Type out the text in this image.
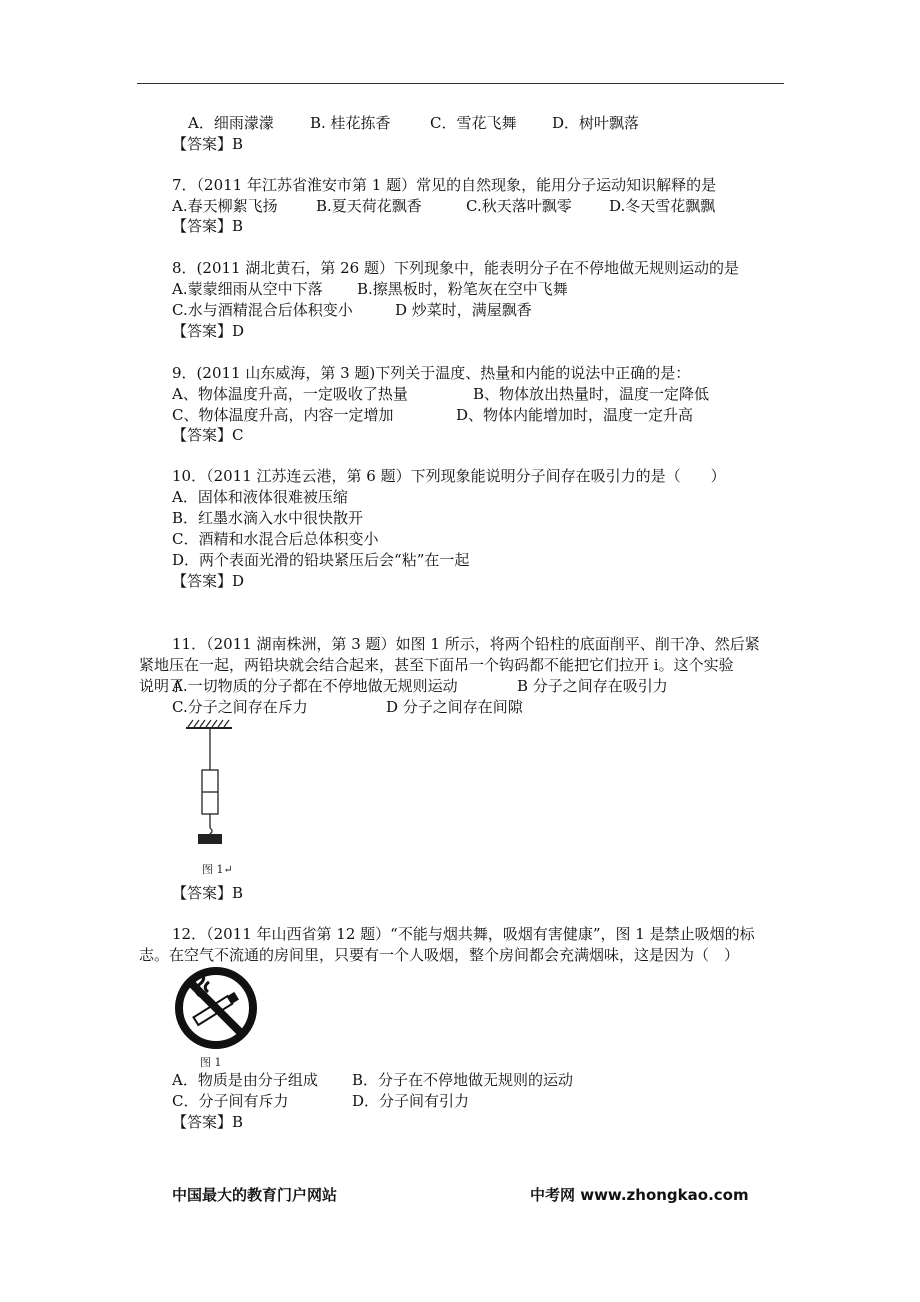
A．细雨濛濛 B. 桂花拣香	C．雪花飞舞 D．树叶飘落
【答案】B
7．（2011 年江苏省淮安市第 1 题）常见的自然现象，能用分子运动知识解释的是
A.春天柳絮飞扬	B.夏天荷花飘香	C.秋天落叶飘零 D.冬天雪花飘飘
【答案】B
8．(2011 湖北黄石，第 26 题）下列现象中，能表明分子在不停地做无规则运动的是
A.蒙蒙细雨从空中下落 B.擦黑板时，粉笔灰在空中飞舞
C.水与酒精混合后体积变小	D 炒菜时，满屋飘香
【答案】D
9．(2011 山东威海，第 3 题)下列关于温度、热量和内能的说法中正确的是：
A、物体温度升高，一定吸收了热量	B、物体放出热量时，温度一定降低
C、物体温度升高，内容一定增加	D、物体内能增加时，温度一定升高
【答案】C
10．（2011 江苏连云港，第 6 题）下列现象能说明分子间存在吸引力的是（　　）
A．固体和液体很难被压缩
B．红墨水滴入水中很快散开
C．酒精和水混合后总体积变小
D．两个表面光滑的铅块紧压后会“粘”在一起
【答案】D
11．（2011 湖南株洲，第 3 题）如图 1 所示，将两个铅柱的底面削平、削干净、然后紧
紧地压在一起，两铅块就会结合起来，甚至下面吊一个钩码都不能把它们拉开 i。这个实验
说明了
A.一切物质的分子都在不停地做无规则运动	B 分子之间存在吸引力
C.分子之间存在斥力	D 分子之间存在间隙
图 1↵
【答案】B
12．（2011 年山西省第 12 题）“不能与烟共舞，吸烟有害健康”，图 1 是禁止吸烟的标
志。在空气不流通的房间里，只要有一个人吸烟，整个房间都会充满烟味，这是因为（　）
图 1
A．物质是由分子组成 B．分子在不停地做无规则的运动
C．分子间有斥力	D．分子间有引力
【答案】B
中国最大的教育门户网站	中考网 www.zhongkao.com
